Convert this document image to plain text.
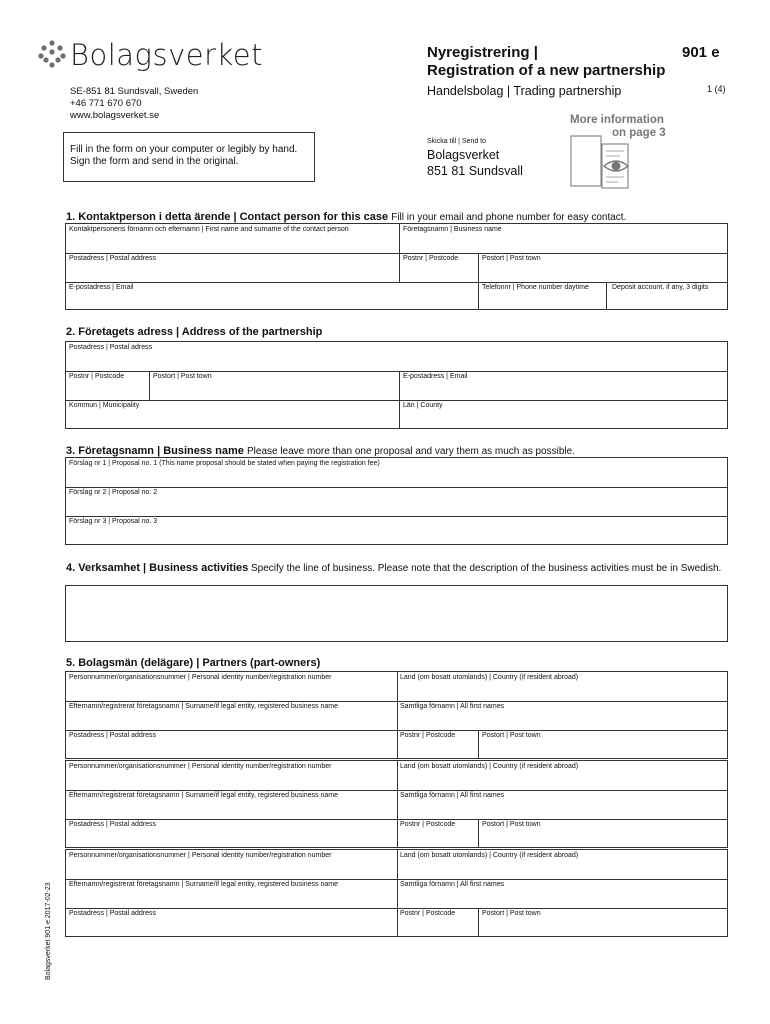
Bolagsverket
SE-851 81 Sundsvall, Sweden
+46 771 670 670
www.bolagsverket.se
Nyregistrering |
Registration of a new partnership
901 e
Handelsbolag | Trading partnership	1 (4)
Fill in the form on your computer or legibly by hand.
Sign the form and send in the original.
Skicka till | Send to
Bolagsverket
851 81 Sundsvall
More information
on page 3
1. Kontaktperson i detta ärende | Contact person for this case Fill in your email and phone number for easy contact.
Kontaktpersonens förnamn och efternamn | First name and surname of the contact person	Företagsnamn | Business name
Postadress | Postal address	Postnr | Postcode	Postort | Post town
E-postadress | Email	Telefonnr | Phone number daytime	Deposit account, if any, 3 digits
2. Företagets adress | Address of the partnership
Postadress | Postal adress
Postnr | Postcode	Postort | Post town	E-postadress | Email
Kommun | Municipality	Län | County
3. Företagsnamn | Business name Please leave more than one proposal and vary them as much as possible.
Förslag nr 1 | Proposal no. 1 (This name proposal should be stated when paying the registration fee)
Förslag nr 2 | Proposal no. 2
Förslag nr 3 | Proposal no. 3
4. Verksamhet | Business activities Specify the line of business. Please note that the description of the business activities must be in Swedish.
5. Bolagsmän (delägare) | Partners (part-owners)
Personnummer/organisationsnummer | Personal identity number/registration number	Land (om bosatt utomlands) | Country (if resident abroad)
Efternamn/registrerat företagsnamn | Surname/if legal entity, registered business name	Samtliga förnamn | All first names
Postadress | Postal address	Postnr | Postcode	Postort | Post town
Personnummer/organisationsnummer | Personal identity number/registration number	Land (om bosatt utomlands) | Country (if resident abroad)
Efternamn/registrerat företagsnamn | Surname/if legal entity, registered business name	Samtliga förnamn | All first names
Postadress | Postal address	Postnr | Postcode	Postort | Post town
Personnummer/organisationsnummer | Personal identity number/registration number	Land (om bosatt utomlands) | Country (if resident abroad)
Efternamn/registrerat företagsnamn | Surname/if legal entity, registered business name	Samtliga förnamn | All first names
Postadress | Postal address	Postnr | Postcode	Postort | Post town
Bolagsverket 901 e 2017-02-23
